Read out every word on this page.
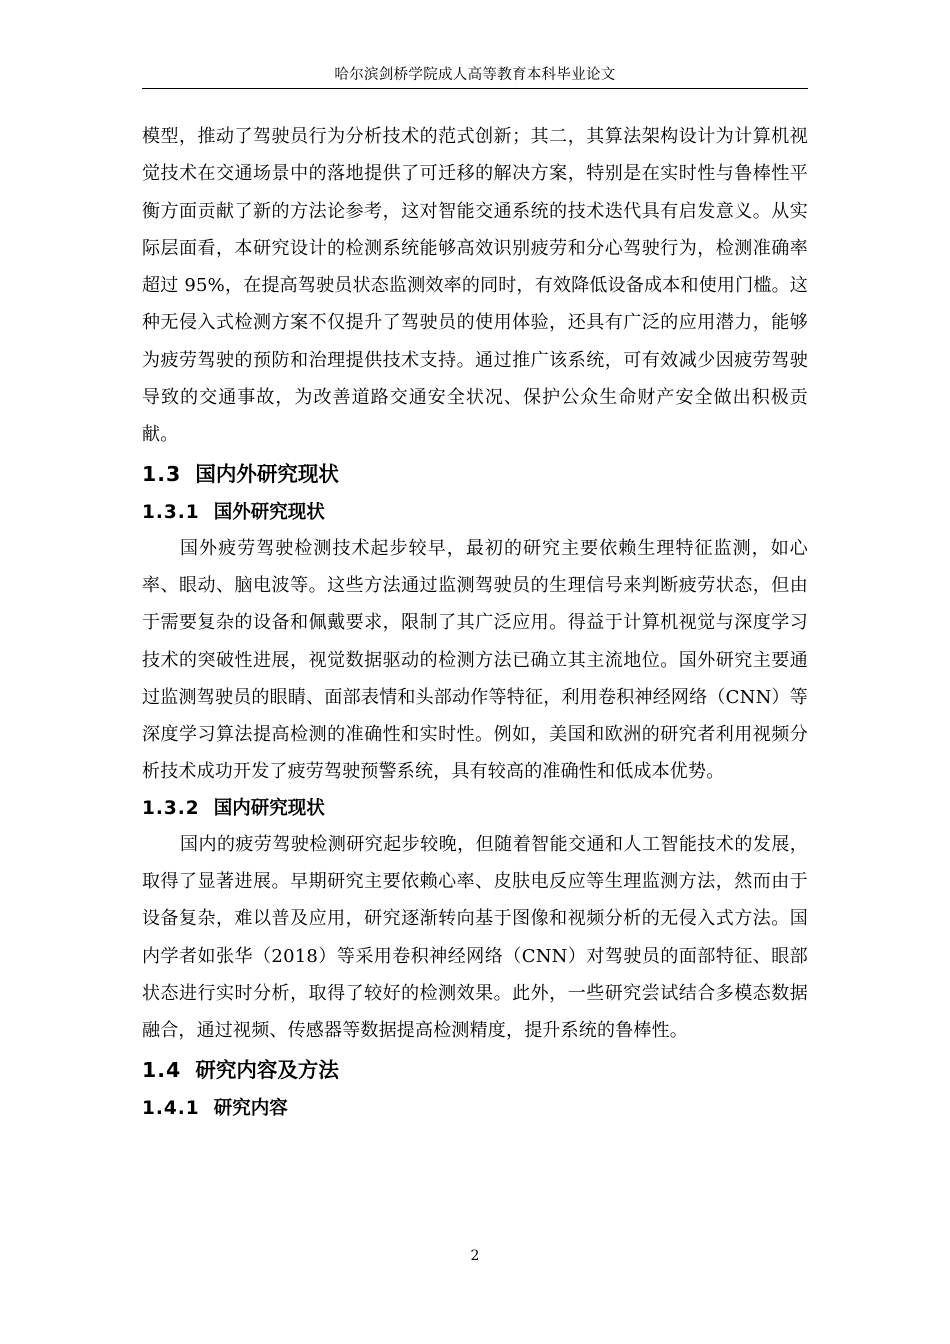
哈尔滨剑桥学院成人高等教育本科毕业论文

模型，推动了驾驶员行为分析技术的范式创新；其二，其算法架构设计为计算机视觉技术在交通场景中的落地提供了可迁移的解决方案，特别是在实时性与鲁棒性平衡方面贡献了新的方法论参考，这对智能交通系统的技术迭代具有启发意义。从实际层面看，本研究设计的检测系统能够高效识别疲劳和分心驾驶行为，检测准确率超过 95%，在提高驾驶员状态监测效率的同时，有效降低设备成本和使用门槛。这种无侵入式检测方案不仅提升了驾驶员的使用体验，还具有广泛的应用潜力，能够为疲劳驾驶的预防和治理提供技术支持。通过推广该系统，可有效减少因疲劳驾驶导致的交通事故，为改善道路交通安全状况、保护公众生命财产安全做出积极贡献。

1.3 国内外研究现状
1.3.1 国外研究现状

国外疲劳驾驶检测技术起步较早，最初的研究主要依赖生理特征监测，如心率、眼动、脑电波等。这些方法通过监测驾驶员的生理信号来判断疲劳状态，但由于需要复杂的设备和佩戴要求，限制了其广泛应用。得益于计算机视觉与深度学习技术的突破性进展，视觉数据驱动的检测方法已确立其主流地位。国外研究主要通过监测驾驶员的眼睛、面部表情和头部动作等特征，利用卷积神经网络（CNN）等深度学习算法提高检测的准确性和实时性。例如，美国和欧洲的研究者利用视频分析技术成功开发了疲劳驾驶预警系统，具有较高的准确性和低成本优势。

1.3.2 国内研究现状

国内的疲劳驾驶检测研究起步较晚，但随着智能交通和人工智能技术的发展，取得了显著进展。早期研究主要依赖心率、皮肤电反应等生理监测方法，然而由于设备复杂，难以普及应用，研究逐渐转向基于图像和视频分析的无侵入式方法。国内学者如张华（2018）等采用卷积神经网络（CNN）对驾驶员的面部特征、眼部状态进行实时分析，取得了较好的检测效果。此外，一些研究尝试结合多模态数据融合，通过视频、传感器等数据提高检测精度，提升系统的鲁棒性。

1.4 研究内容及方法
1.4.1 研究内容
2
